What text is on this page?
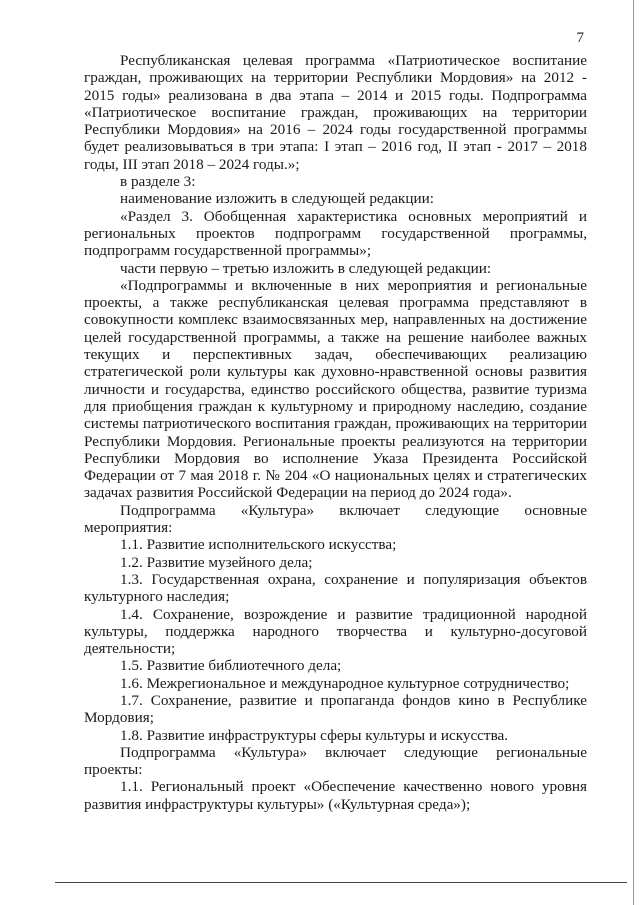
7

Республиканская целевая программа «Патриотическое воспитание граждан, проживающих на территории Республики Мордовия» на 2012 - 2015 годы» реализована в два этапа – 2014 и 2015 годы. Подпрограмма «Патриотическое воспитание граждан, проживающих на территории Республики Мордовия» на 2016 – 2024 годы государственной программы будет реализовываться в три этапа: I этап – 2016 год, II этап - 2017 – 2018 годы, III этап 2018 – 2024 годы.»;

в разделе 3:

наименование изложить в следующей редакции:

«Раздел 3. Обобщенная характеристика основных мероприятий и региональных проектов подпрограмм государственной программы, подпрограмм государственной программы»;

части первую – третью изложить в следующей редакции:

«Подпрограммы и включенные в них мероприятия и региональные проекты, а также республиканская целевая программа представляют в совокупности комплекс взаимосвязанных мер, направленных на достижение целей государственной программы, а также на решение наиболее важных текущих и перспективных задач, обеспечивающих реализацию стратегической роли культуры как духовно-нравственной основы развития личности и государства, единство российского общества, развитие туризма для приобщения граждан к культурному и природному наследию, создание системы патриотического воспитания граждан, проживающих на территории Республики Мордовия. Региональные проекты реализуются на территории Республики Мордовия во исполнение Указа Президента Российской Федерации от 7 мая 2018 г. № 204 «О национальных целях и стратегических задачах развития Российской Федерации на период до 2024 года».

Подпрограмма «Культура» включает следующие основные мероприятия:

1.1. Развитие исполнительского искусства;

1.2. Развитие музейного дела;

1.3. Государственная охрана, сохранение и популяризация объектов культурного наследия;

1.4. Сохранение, возрождение и развитие традиционной народной культуры, поддержка народного творчества и культурно-досуговой деятельности;

1.5. Развитие библиотечного дела;

1.6. Межрегиональное и международное культурное сотрудничество;

1.7. Сохранение, развитие и пропаганда фондов кино в Республике Мордовия;

1.8. Развитие инфраструктуры сферы культуры и искусства.

Подпрограмма «Культура» включает следующие региональные проекты:

1.1. Региональный проект «Обеспечение качественно нового уровня развития инфраструктуры культуры» («Культурная среда»);
